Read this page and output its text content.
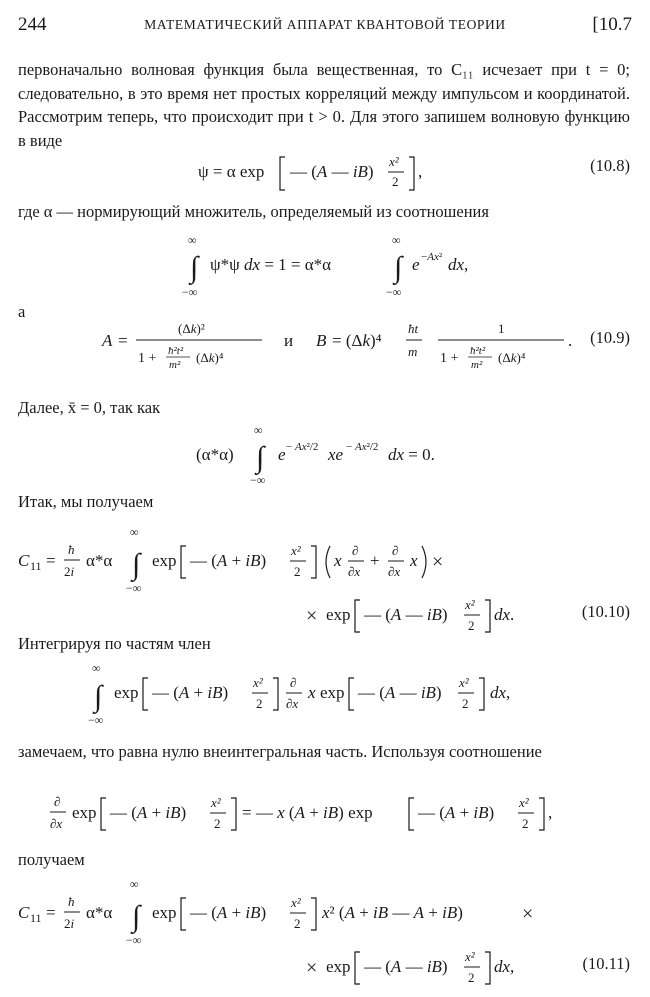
244	МАТЕМАТИЧЕСКИЙ АППАРАТ КВАНТОВОЙ ТЕОРИИ	[10.7

первоначально волновая функция была вещественная, то C₁₁ исчезает при t = 0; следовательно, в это время нет простых корреляций между импульсом и координатой. Рассмотрим теперь, что происходит при t > 0. Для этого запишем волновую функцию в виде

ψ = α exp — (A — iB)
x²
2
,	(10.8)

где α — нормирующий множитель, определяемый из соотношения

∞
∫
−∞
ψ*ψ dx = 1 = α*α
∞
∫
−∞
e −Ax² dx,

а

A =
(Δk)²
1 + ħ²t²
m² (Δk)⁴
и B = (Δk)⁴
ħt
m
1
1 + ħ²t²
m² (Δk)⁴
. (10.9)

Далее, x̄ = 0, так как

(α*α)
∞
∫
−∞
e − Ax²/2 xe − Ax²/2 dx = 0.

Итак, мы получаем

C 11 =
ħ
2i
α*α
∞
∫
−∞
exp — (A + iB)
x²
2
x
∂
∂x
+
∂
∂x
x ×
× exp — (A — iB)
x²
2
dx.	(10.10)

Интегрируя по частям член

∞
∫
−∞
exp — (A + iB)
x²
2
∂
∂x
x exp — (A — iB)
x²
2
dx,

замечаем, что равна нулю внеинтегральная часть. Используя соотношение

∂
∂x
exp — (A + iB)
x²
2
= — x (A + iB) exp	— (A + iB)
x²
2
,

получаем

C 11 =
ħ
2i
α*α
∞
∫
−∞
exp — (A + iB)
x²
2
x² (A + iB — A + iB)	×
× exp — (A — iB)
x²
2
dx,	(10.11)
